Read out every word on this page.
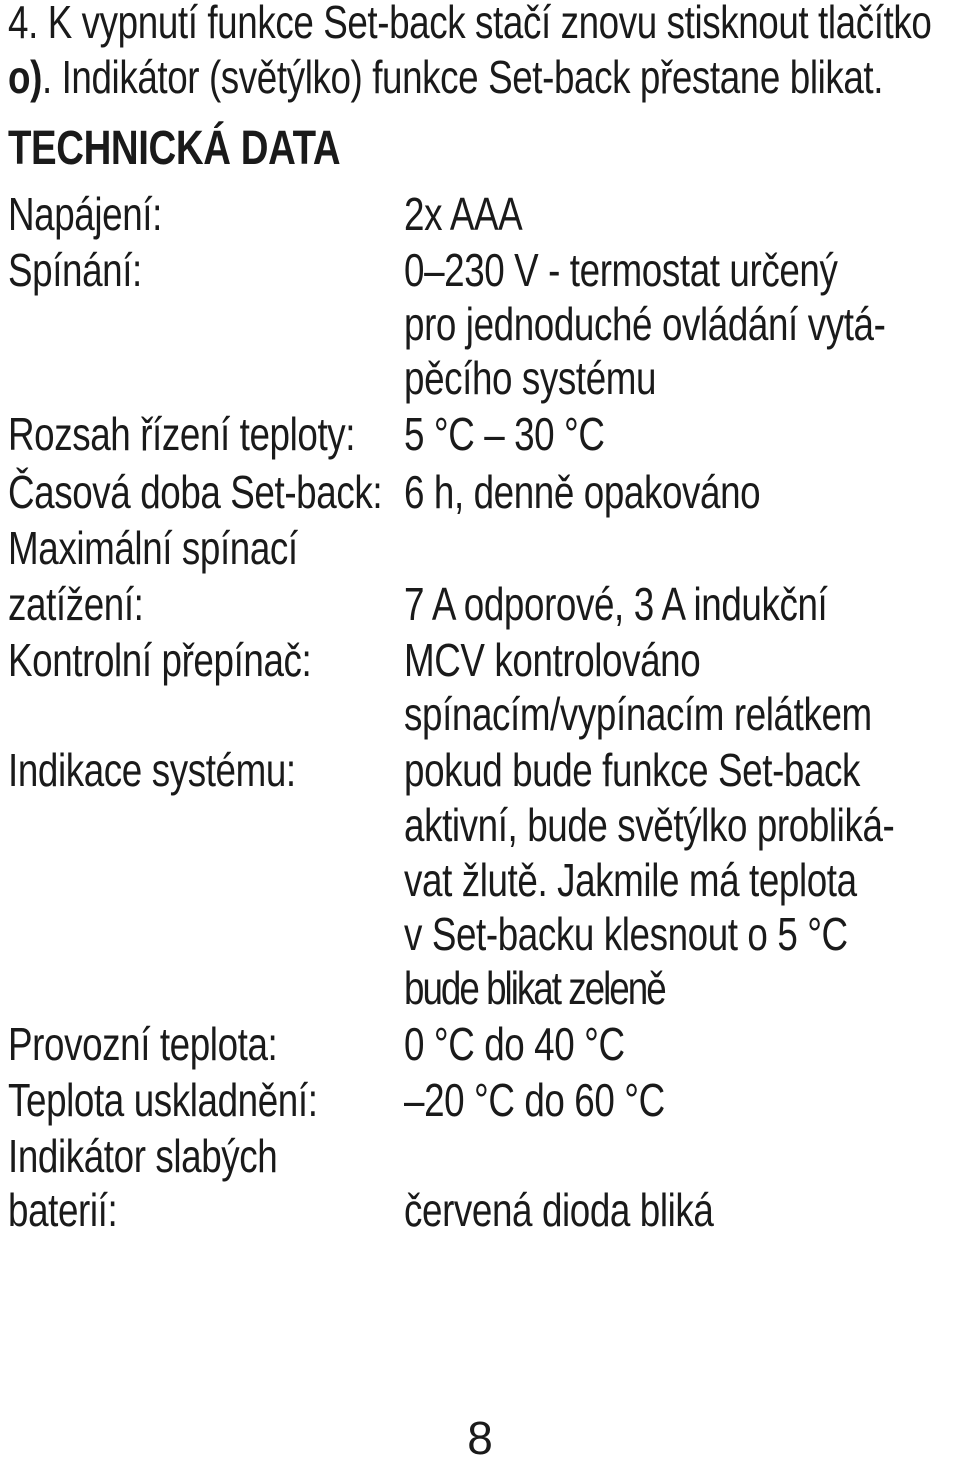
4. K vypnutí funkce Set-back stačí znovu stisknout tlačítko
o). Indikátor (světýlko) funkce Set-back přestane blikat.
TECHNICKÁ DATA
Napájení:	2x AAA
Spínání:	0–230 V - termostat určený
pro jednoduché ovládání vytá-
pěcího systému
Rozsah řízení teploty: 5 °C – 30 °C
Časová doba Set-back: 6 h, denně opakováno
Maximální spínací
zatížení:	7 A odporové, 3 A indukční
Kontrolní přepínač: MCV kontrolováno
spínacím/vypínacím relátkem
Indikace systému: pokud bude funkce Set-back
aktivní, bude světýlko probliká-
vat žlutě. Jakmile má teplota
v Set-backu klesnout o 5 °C
bude blikat zeleně
Provozní teplota:	0 °C do 40 °C
Teplota uskladnění: –20 °C do 60 °C
Indikátor slabých
baterií:	červená dioda bliká
8
